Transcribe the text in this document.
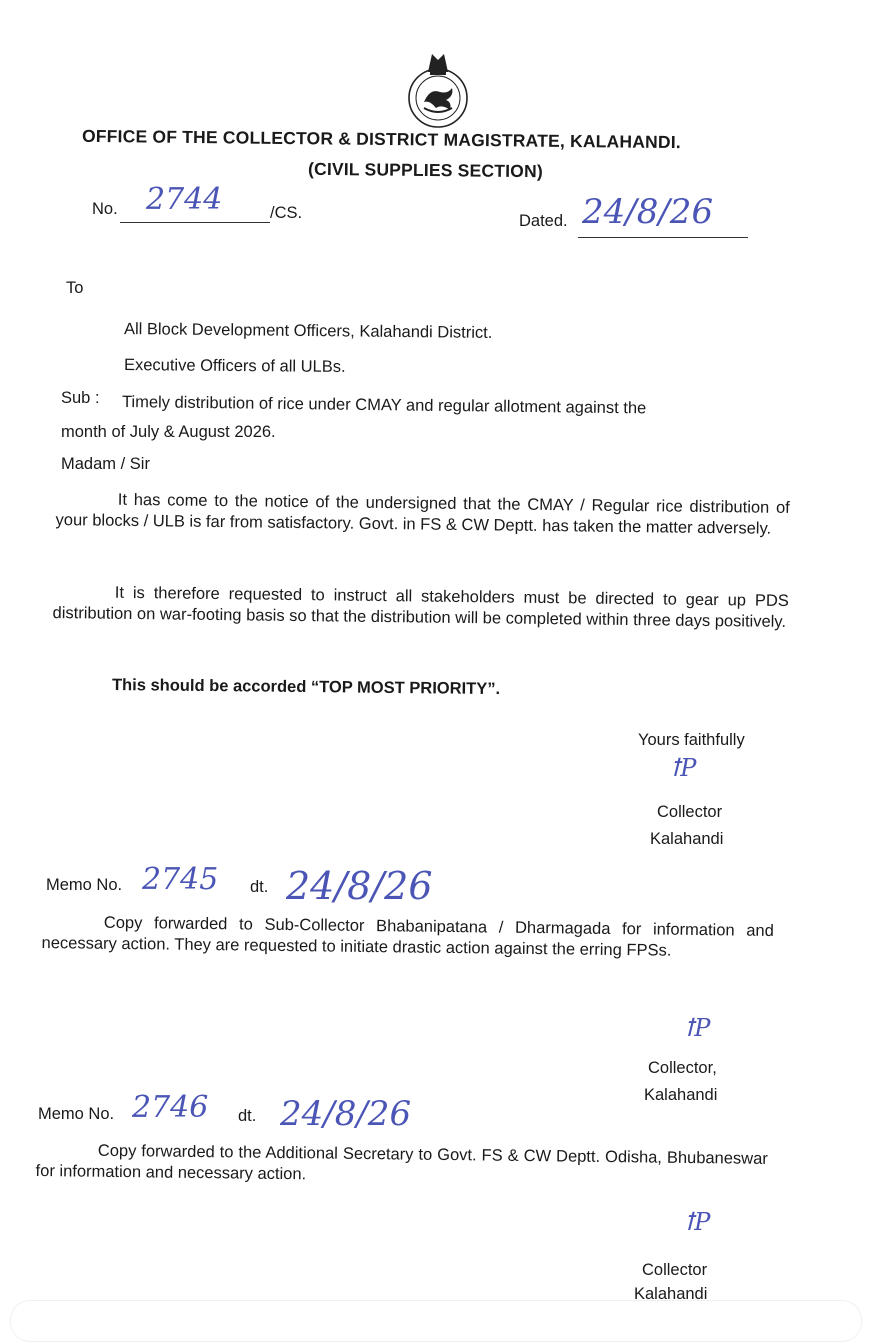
OFFICE OF THE COLLECTOR & DISTRICT MAGISTRATE, KALAHANDI.
(CIVIL SUPPLIES SECTION)
No. 2744	/CS.	Dated. 24/8/26
To
All Block Development Officers, Kalahandi District.
Executive Officers of all ULBs.
Sub : Timely distribution of rice under CMAY and regular allotment against the
month of July & August 2026.
Madam / Sir
It has come to the notice of the undersigned that the CMAY / Regular rice distribution of your blocks / ULB is far from satisfactory. Govt. in FS & CW Deptt. has taken the matter adversely.
It is therefore requested to instruct all stakeholders must be directed to gear up PDS distribution on war-footing basis so that the distribution will be completed within three days positively.
This should be accorded “TOP MOST PRIORITY”.
Yours faithfully
ꝉP
Collector
Kalahandi
Memo No. 2745 dt. 24/8/26
Copy forwarded to Sub-Collector Bhabanipatana / Dharmagada for information and necessary action. They are requested to initiate drastic action against the erring FPSs.
ꝉP
Collector,
Kalahandi
Memo No. 2746 dt. 24/8/26
Copy forwarded to the Additional Secretary to Govt. FS & CW Deptt. Odisha, Bhubaneswar for information and necessary action.
ꝉP
Collector
Kalahandi
